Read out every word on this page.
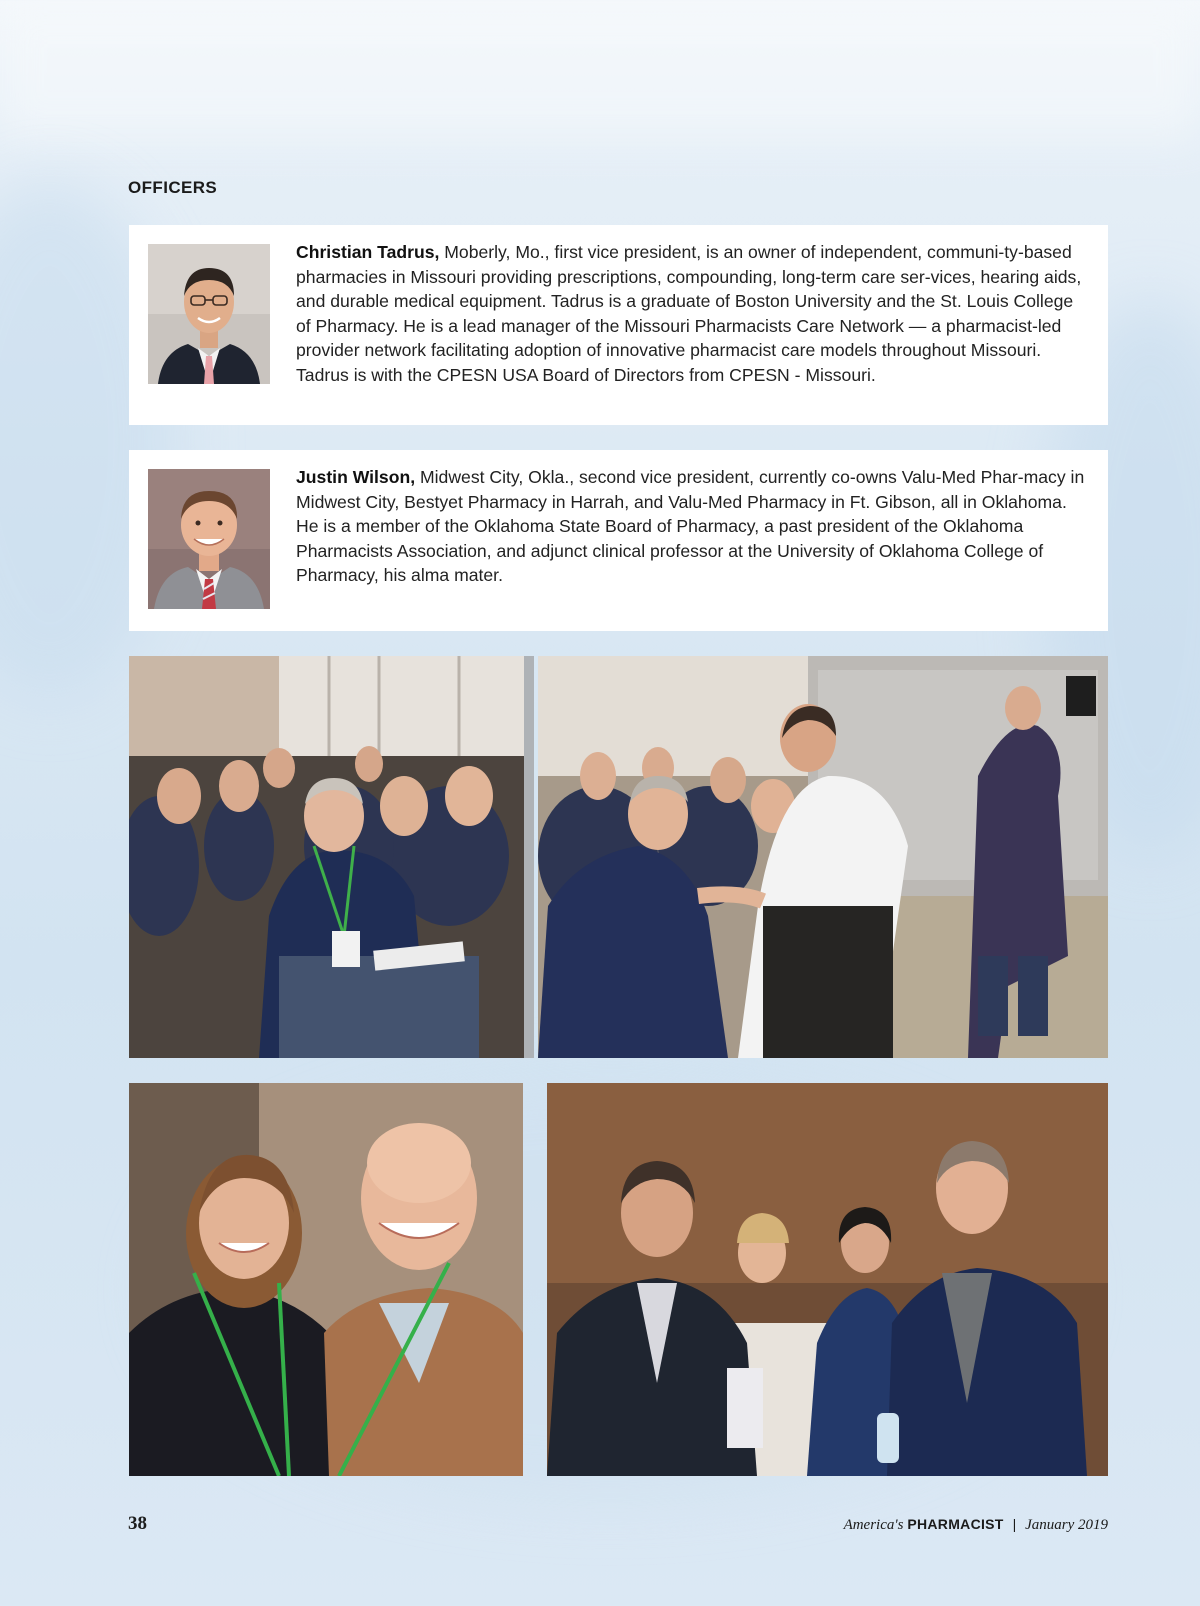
OFFICERS
Christian Tadrus, Moberly, Mo., first vice president, is an owner of independent, communi-ty-based pharmacies in Missouri providing prescriptions, compounding, long-term care ser-vices, hearing aids, and durable medical equipment. Tadrus is a graduate of Boston University and the St. Louis College of Pharmacy. He is a lead manager of the Missouri Pharmacists Care Network — a pharmacist-led provider network facilitating adoption of innovative pharmacist care models throughout Missouri. Tadrus is with the CPESN USA Board of Directors from CPESN - Missouri.
Justin Wilson, Midwest City, Okla., second vice president, currently co-owns Valu-Med Phar-macy in Midwest City, Bestyet Pharmacy in Harrah, and Valu-Med Pharmacy in Ft. Gibson, all in Oklahoma. He is a member of the Oklahoma State Board of Pharmacy, a past president of the Oklahoma Pharmacists Association, and adjunct clinical professor at the University of Oklahoma College of Pharmacy, his alma mater.
38	America's PHARMACIST | January 2019
